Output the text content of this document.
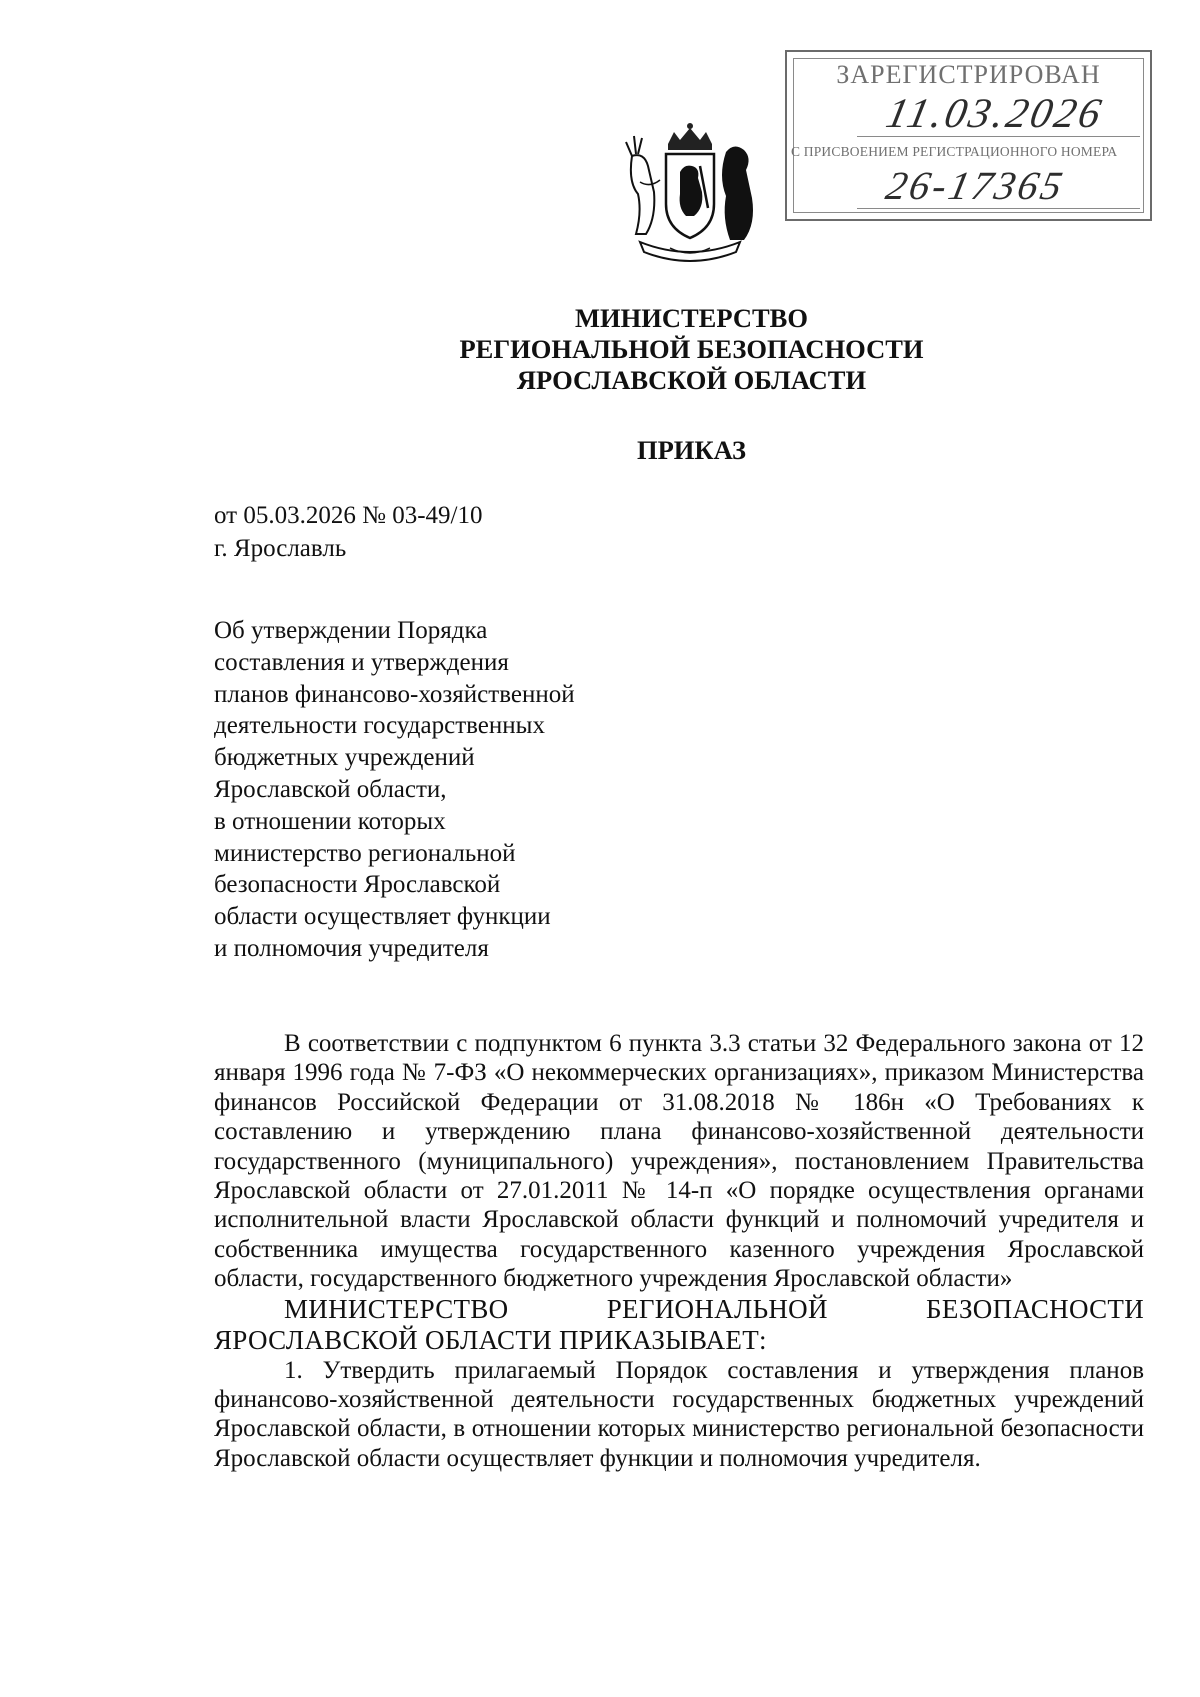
ЗАРЕГИСТРИРОВАН
11.03.2026
С ПРИСВОЕНИЕМ РЕГИСТРАЦИОННОГО НОМЕРА
26-17365
МИНИСТЕРСТВО
РЕГИОНАЛЬНОЙ БЕЗОПАСНОСТИ
ЯРОСЛАВСКОЙ ОБЛАСТИ
ПРИКАЗ
от 05.03.2026 № 03-49/10
г. Ярославль
Об утверждении Порядка
составления и утверждения
планов финансово-хозяйственной
деятельности государственных
бюджетных учреждений
Ярославской области,
в отношении которых
министерство региональной
безопасности Ярославской
области осуществляет функции
и полномочия учредителя

В соответствии с подпунктом 6 пункта 3.3 статьи 32 Федерального закона от 12 января 1996 года № 7-ФЗ «О некоммерческих организациях», приказом Министерства финансов Российской Федерации от 31.08.2018 № 186н «О Требованиях к составлению и утверждению плана финансово-хозяйственной деятельности государственного (муниципального) учреждения», постановлением Правительства Ярославской области от 27.01.2011 № 14-п «О порядке осуществления органами исполнительной власти Ярославской области функций и полномочий учредителя и собственника имущества государственного казенного учреждения Ярославской области, государственного бюджетного учреждения Ярославской области»

МИНИСТЕРСТВО РЕГИОНАЛЬНОЙ БЕЗОПАСНОСТИ ЯРОСЛАВСКОЙ ОБЛАСТИ ПРИКАЗЫВАЕТ:

1. Утвердить прилагаемый Порядок составления и утверждения планов финансово-хозяйственной деятельности государственных бюджетных учреждений Ярославской области, в отношении которых министерство региональной безопасности Ярославской области осуществляет функции и полномочия учредителя.
